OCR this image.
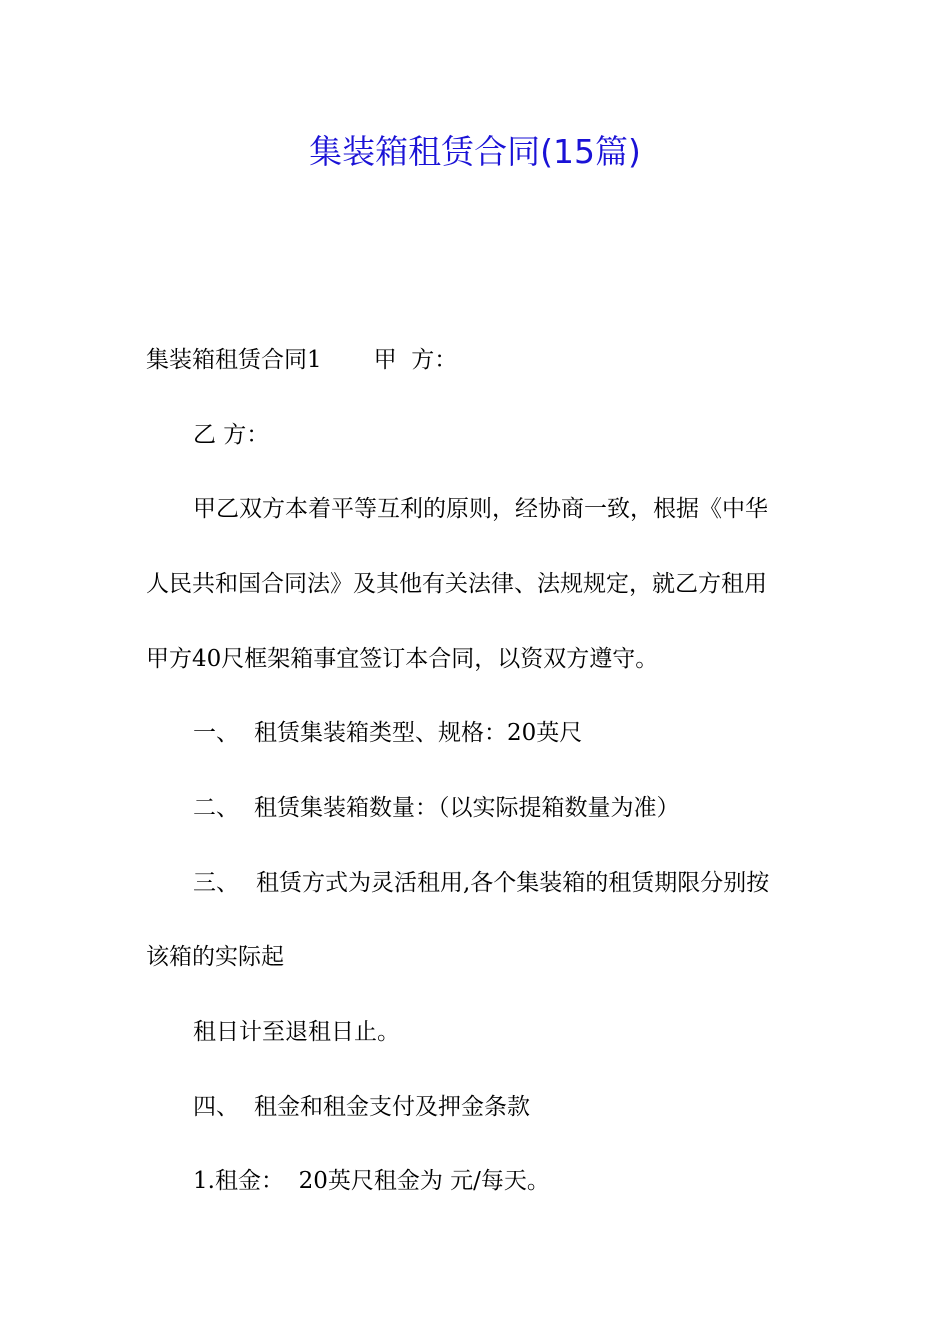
集装箱租赁合同(15篇)
集装箱租赁合同1 甲  方：
乙 方：
甲乙双方本着平等互利的原则，经协商一致，根据《中华
人民共和国合同法》及其他有关法律、法规规定，就乙方租用
甲方40尺框架箱事宜签订本合同，以资双方遵守。
一、 租赁集装箱类型、规格：20英尺
二、 租赁集装箱数量：（以实际提箱数量为准）
三、 租赁方式为灵活租用,各个集装箱的租赁期限分别按
该箱的实际起
租日计至退租日止。
四、 租金和租金支付及押金条款
1.租金：  20英尺租金为 元/每天。
